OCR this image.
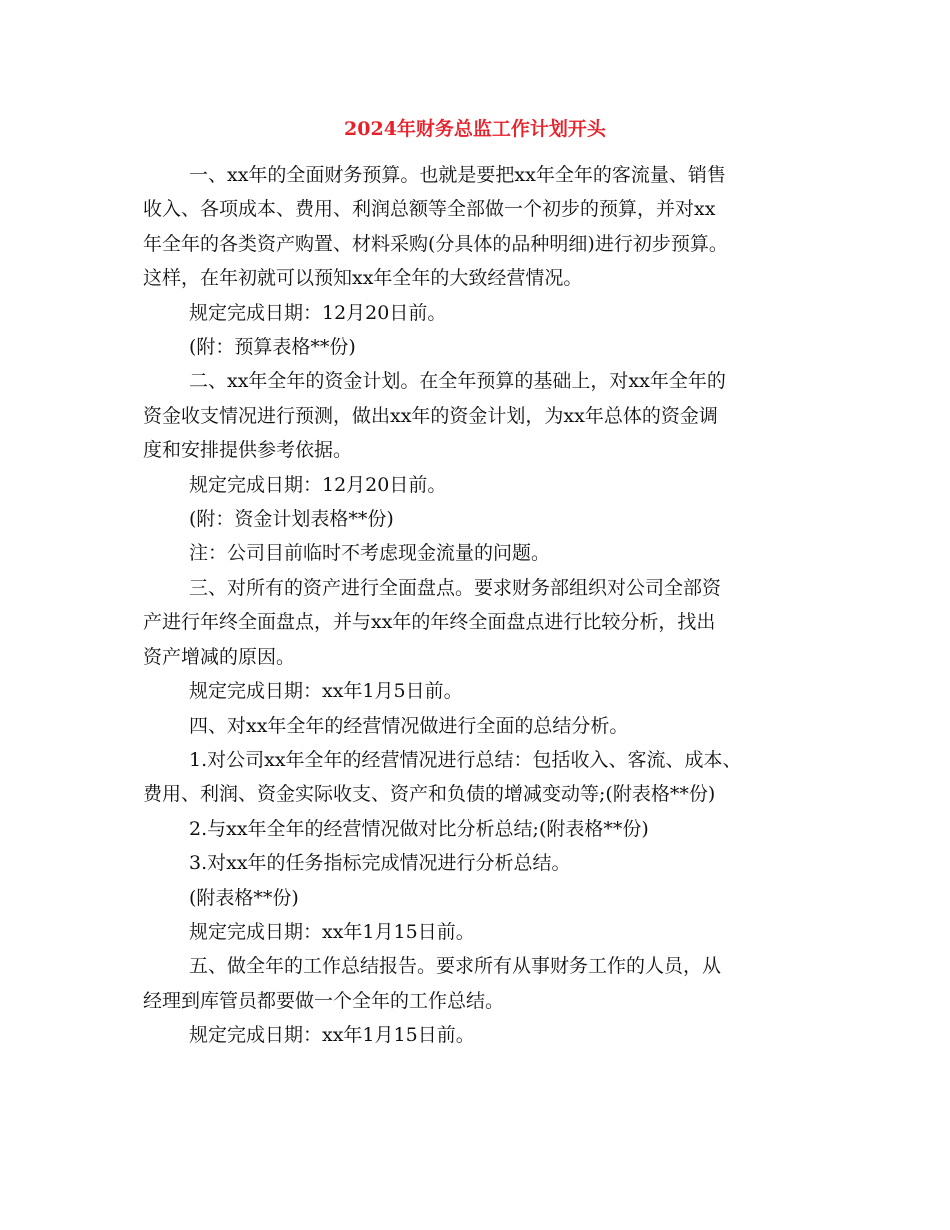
2024年财务总监工作计划开头

一、xx年的全面财务预算。也就是要把xx年全年的客流量、销售

收入、各项成本、费用、利润总额等全部做一个初步的预算，并对xx

年全年的各类资产购置、材料采购(分具体的品种明细)进行初步预算。

这样，在年初就可以预知xx年全年的大致经营情况。

规定完成日期：12月20日前。

(附：预算表格**份)

二、xx年全年的资金计划。在全年预算的基础上，对xx年全年的

资金收支情况进行预测，做出xx年的资金计划，为xx年总体的资金调

度和安排提供参考依据。

规定完成日期：12月20日前。

(附：资金计划表格**份)

注：公司目前临时不考虑现金流量的问题。

三、对所有的资产进行全面盘点。要求财务部组织对公司全部资

产进行年终全面盘点，并与xx年的年终全面盘点进行比较分析，找出

资产增减的原因。

规定完成日期：xx年1月5日前。

四、对xx年全年的经营情况做进行全面的总结分析。

1.对公司xx年全年的经营情况进行总结：包括收入、客流、成本、

费用、利润、资金实际收支、资产和负债的增减变动等;(附表格**份)

2.与xx年全年的经营情况做对比分析总结;(附表格**份)

3.对xx年的任务指标完成情况进行分析总结。

(附表格**份)

规定完成日期：xx年1月15日前。

五、做全年的工作总结报告。要求所有从事财务工作的人员，从

经理到库管员都要做一个全年的工作总结。

规定完成日期：xx年1月15日前。
